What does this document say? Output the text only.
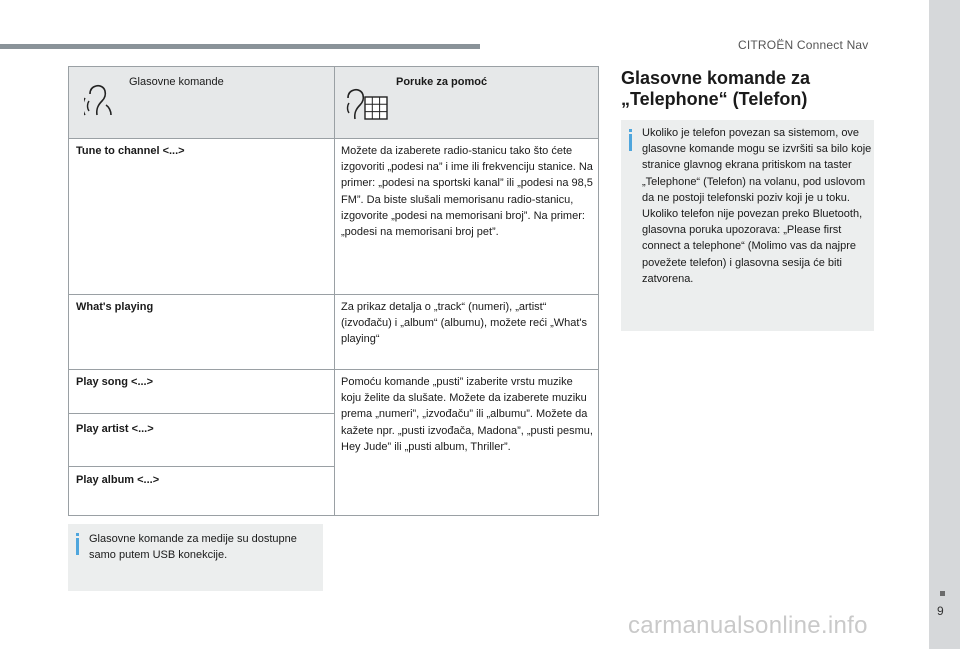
CITROËN Connect Nav
9
Glasovne komande	Poruke za pomoć
Tune to channel <...>	Možete da izaberete radio-stanicu tako što ćete izgovoriti „podesi na” i ime ili frekvenciju stanice. Na primer: „podesi na sportski kanal” ili „podesi na 98,5 FM”. Da biste slušali memorisanu radio-stanicu, izgovorite „podesi na memorisani broj”. Na primer: „podesi na memorisani broj pet”.
What's playing	Za prikaz detalja o „track“ (numeri), „artist“ (izvođaču) i „album“ (albumu), možete reći „What's playing“
Play song <...>	Pomoću komande „pusti” izaberite vrstu muzike koju želite da slušate. Možete da izaberete muziku prema „numeri”, „izvođaču” ili „albumu”. Možete da kažete npr. „pusti izvođača, Madona”, „pusti pesmu, Hey Jude” ili „pusti album, Thriller”.
Play artist <...>
Play album <...>
Glasovne komande za medije su dostupne samo putem USB konekcije.
Glasovne komande za
„Telephone“ (Telefon)
Ukoliko je telefon povezan sa sistemom, ove glasovne komande mogu se izvršiti sa bilo koje stranice glavnog ekrana pritiskom na taster „Telephone“ (Telefon) na volanu, pod uslovom da ne postoji telefonski poziv koji je u toku. Ukoliko telefon nije povezan preko Bluetooth, glasovna poruka upozorava: „Please first connect a telephone“ (Molimo vas da najpre povežete telefon) i glasovna sesija će biti zatvorena.
carmanualsonline.info
